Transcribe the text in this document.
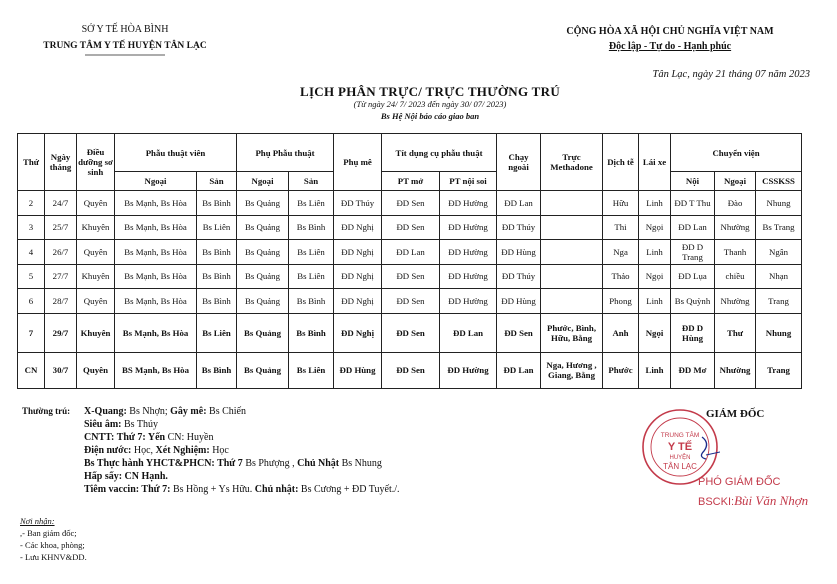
SỞ Y TẾ HÒA BÌNH
TRUNG TÂM Y TẾ HUYỆN TÂN LẠC
CỘNG HÒA XÃ HỘI CHỦ NGHĨA VIỆT NAM
Độc lập - Tự do - Hạnh phúc
Tân Lạc, ngày 21 tháng 07 năm 2023
LỊCH PHÂN TRỰC/ TRỰC THƯỜNG TRÚ
(Từ ngày 24/ 7/ 2023 đến ngày 30/ 07/ 2023)
Bs Hệ Nội báo cáo giao ban
Thứ	Ngày tháng	Điều dưỡng sơ sinh	Phẫu thuật viên		Phụ Phẫu thuật		Phụ mê	Tít dụng cụ phẫu thuật		Chạy ngoài	Trực Methadone	Dịch tễ	Lái xe	Chuyển viện		
			Ngoại	Sản	Ngoại	Sản		PT mở	PT nội soi					Nội	Ngoại	CSSKSS
2	24/7	Quyên	Bs Mạnh, Bs Hòa	Bs Bình	Bs Quảng	Bs Liên	ĐD Thúy	ĐD Sen	ĐD Hường	ĐD Lan		Hữu	Linh	ĐD T Thu	Đào	Nhung
3	25/7	Khuyên	Bs Mạnh, Bs Hòa	Bs Liên	Bs Quảng	Bs Bình	ĐD Nghị	ĐD Sen	ĐD Hường	ĐD Thúy		Thi	Ngọi	ĐD Lan	Nhường	Bs Trang
4	26/7	Quyên	Bs Mạnh, Bs Hòa	Bs Bình	Bs Quảng	Bs Liên	ĐD Nghị	ĐD Lan	ĐD Hường	ĐD Hùng		Nga	Linh	ĐD D Trang	Thanh	Ngân
5	27/7	Khuyên	Bs Mạnh, Bs Hòa	Bs Bình	Bs Quảng	Bs Liên	ĐD Nghị	ĐD Sen	ĐD Hường	ĐD Thúy		Thảo	Ngọi	ĐD Lụa	chiều	Nhạn
6	28/7	Quyên	Bs Mạnh, Bs Hòa	Bs Bình	Bs Quảng	Bs Bình	ĐD Nghị	ĐD Sen	ĐD Hường	ĐD Hùng		Phong	Linh	Bs Quỳnh	Nhường	Trang
7	29/7	Khuyên	Bs Mạnh, Bs Hòa	Bs Liên	Bs Quảng	Bs Bình	ĐD Nghị	ĐD Sen	ĐD Lan	ĐD Sen	Phước, Bình, Hữu, Bằng	Anh	Ngọi	ĐD D Hùng	Thư	Nhung
CN	30/7	Quyên	BS Mạnh, Bs Hòa	Bs Bình	Bs Quảng	Bs Liên	ĐD Hùng	ĐD Sen	ĐD Hường	ĐD Lan	Nga, Hương , Giang, Bằng	Phước	Linh	ĐD Mơ	Nhường	Trang
Thường trú: X-Quang: Bs Nhợn; Gây mê: Bs Chiến
Siêu âm: Bs Thúy
CNTT: Thứ 7: Yến CN: Huyền
Điện nước: Học, Xét Nghiệm: Học
Bs Thực hành YHCT&PHCN: Thứ 7 Bs Phượng , Chủ Nhật Bs Nhung
Hấp sấy: CN Hạnh.
Tiêm vaccin: Thứ 7: Bs Hồng + Ys Hữu. Chủ nhật: Bs Cương + ĐD Tuyết./.
Nơi nhận:
,- Ban giám đốc;
- Các khoa, phòng;
- Lưu KHNV&DD.
TRUNG TÂM
Y TẾ
HUYỆN
TÂN LẠC
GIÁM ĐỐC
PHÓ GIÁM ĐỐC
BSCKI:Bùi Văn Nhợn
